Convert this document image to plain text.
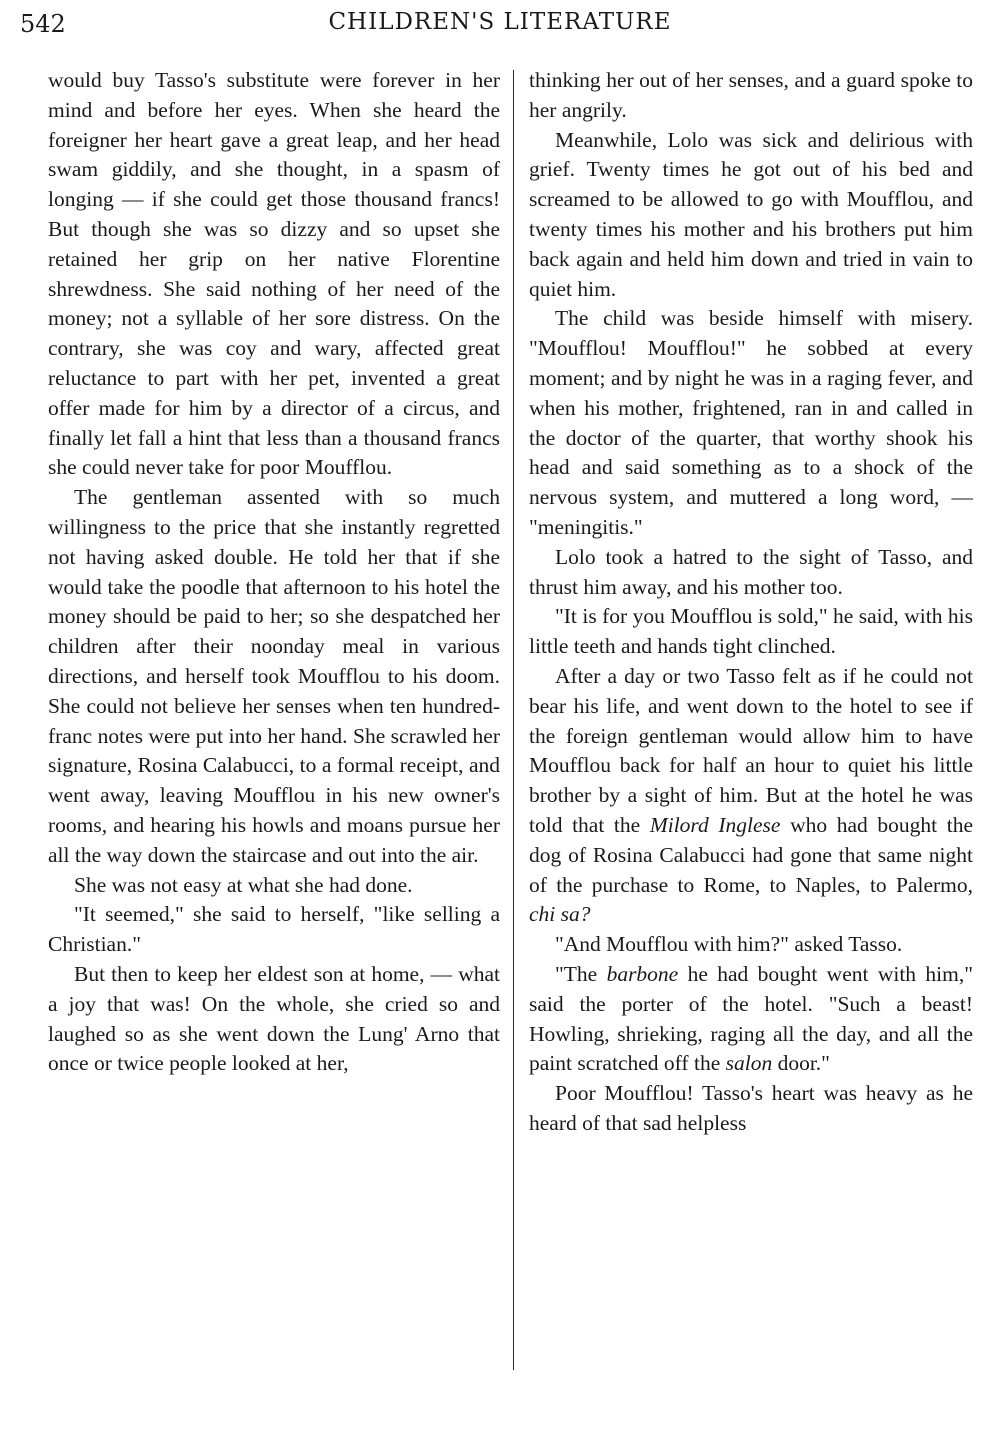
542	CHILDREN'S LITERATURE

would buy Tasso's substitute were forever in her mind and before her eyes. When she heard the foreigner her heart gave a great leap, and her head swam giddily, and she thought, in a spasm of longing — if she could get those thousand francs! But though she was so dizzy and so upset she retained her grip on her native Florentine shrewdness. She said nothing of her need of the money; not a syllable of her sore distress. On the contrary, she was coy and wary, affected great reluctance to part with her pet, invented a great offer made for him by a director of a circus, and finally let fall a hint that less than a thousand francs she could never take for poor Moufflou.

The gentleman assented with so much willingness to the price that she instantly regretted not having asked double. He told her that if she would take the poodle that afternoon to his hotel the money should be paid to her; so she despatched her children after their noonday meal in various directions, and herself took Moufflou to his doom. She could not believe her senses when ten hundred-franc notes were put into her hand. She scrawled her signature, Rosina Calabucci, to a formal receipt, and went away, leaving Moufflou in his new owner's rooms, and hearing his howls and moans pursue her all the way down the staircase and out into the air.

She was not easy at what she had done.

"It seemed," she said to herself, "like selling a Christian."

But then to keep her eldest son at home, — what a joy that was! On the whole, she cried so and laughed so as she went down the Lung' Arno that once or twice people looked at her,

thinking her out of her senses, and a guard spoke to her angrily.

Meanwhile, Lolo was sick and delirious with grief. Twenty times he got out of his bed and screamed to be allowed to go with Moufflou, and twenty times his mother and his brothers put him back again and held him down and tried in vain to quiet him.

The child was beside himself with misery. "Moufflou! Moufflou!" he sobbed at every moment; and by night he was in a raging fever, and when his mother, frightened, ran in and called in the doctor of the quarter, that worthy shook his head and said something as to a shock of the nervous system, and muttered a long word, — "meningitis."

Lolo took a hatred to the sight of Tasso, and thrust him away, and his mother too.

"It is for you Moufflou is sold," he said, with his little teeth and hands tight clinched.

After a day or two Tasso felt as if he could not bear his life, and went down to the hotel to see if the foreign gentleman would allow him to have Moufflou back for half an hour to quiet his little brother by a sight of him. But at the hotel he was told that the Milord Inglese who had bought the dog of Rosina Calabucci had gone that same night of the purchase to Rome, to Naples, to Palermo, chi sa?

"And Moufflou with him?" asked Tasso.

"The barbone he had bought went with him," said the porter of the hotel. "Such a beast! Howling, shrieking, raging all the day, and all the paint scratched off the salon door."

Poor Moufflou! Tasso's heart was heavy as he heard of that sad helpless
